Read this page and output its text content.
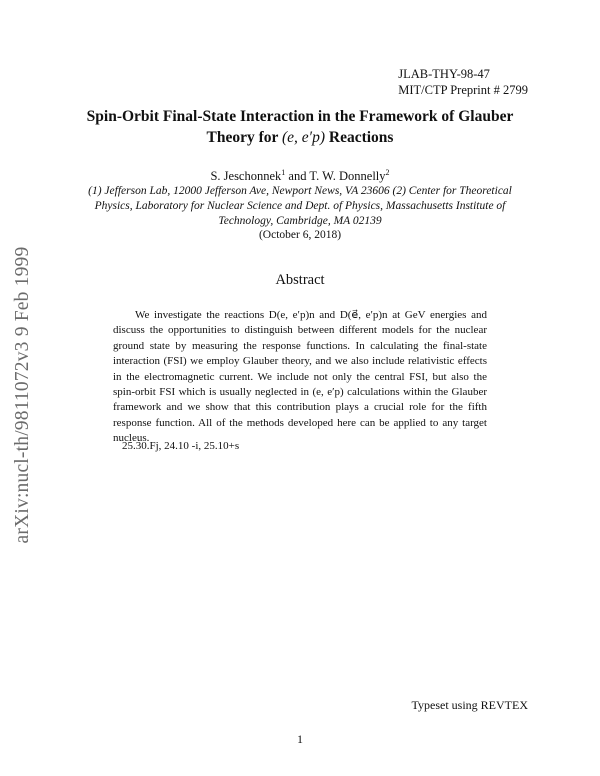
arXiv:nucl-th/9811072v3 9 Feb 1999
JLAB-THY-98-47
MIT/CTP Preprint # 2799
Spin-Orbit Final-State Interaction in the Framework of Glauber
Theory for (e, e′p) Reactions
S. Jeschonnek$^1$ and T. W. Donnelly$^2$
(1) Jefferson Lab, 12000 Jefferson Ave, Newport News, VA 23606 (2) Center for Theoretical Physics, Laboratory for Nuclear Science and Dept. of Physics, Massachusetts Institute of Technology, Cambridge, MA 02139
(October 6, 2018)
Abstract
We investigate the reactions D(e, e′p)n and D(e⃗, e′p)n at GeV energies and discuss the opportunities to distinguish between different models for the nuclear ground state by measuring the response functions. In calculating the final-state interaction (FSI) we employ Glauber theory, and we also include relativistic effects in the electromagnetic current. We include not only the central FSI, but also the spin-orbit FSI which is usually neglected in (e, e′p) calculations within the Glauber framework and we show that this contribution plays a crucial role for the fifth response function. All of the methods developed here can be applied to any target nucleus.
25.30.Fj, 24.10 -i, 25.10+s
Typeset using REVTEX
1
